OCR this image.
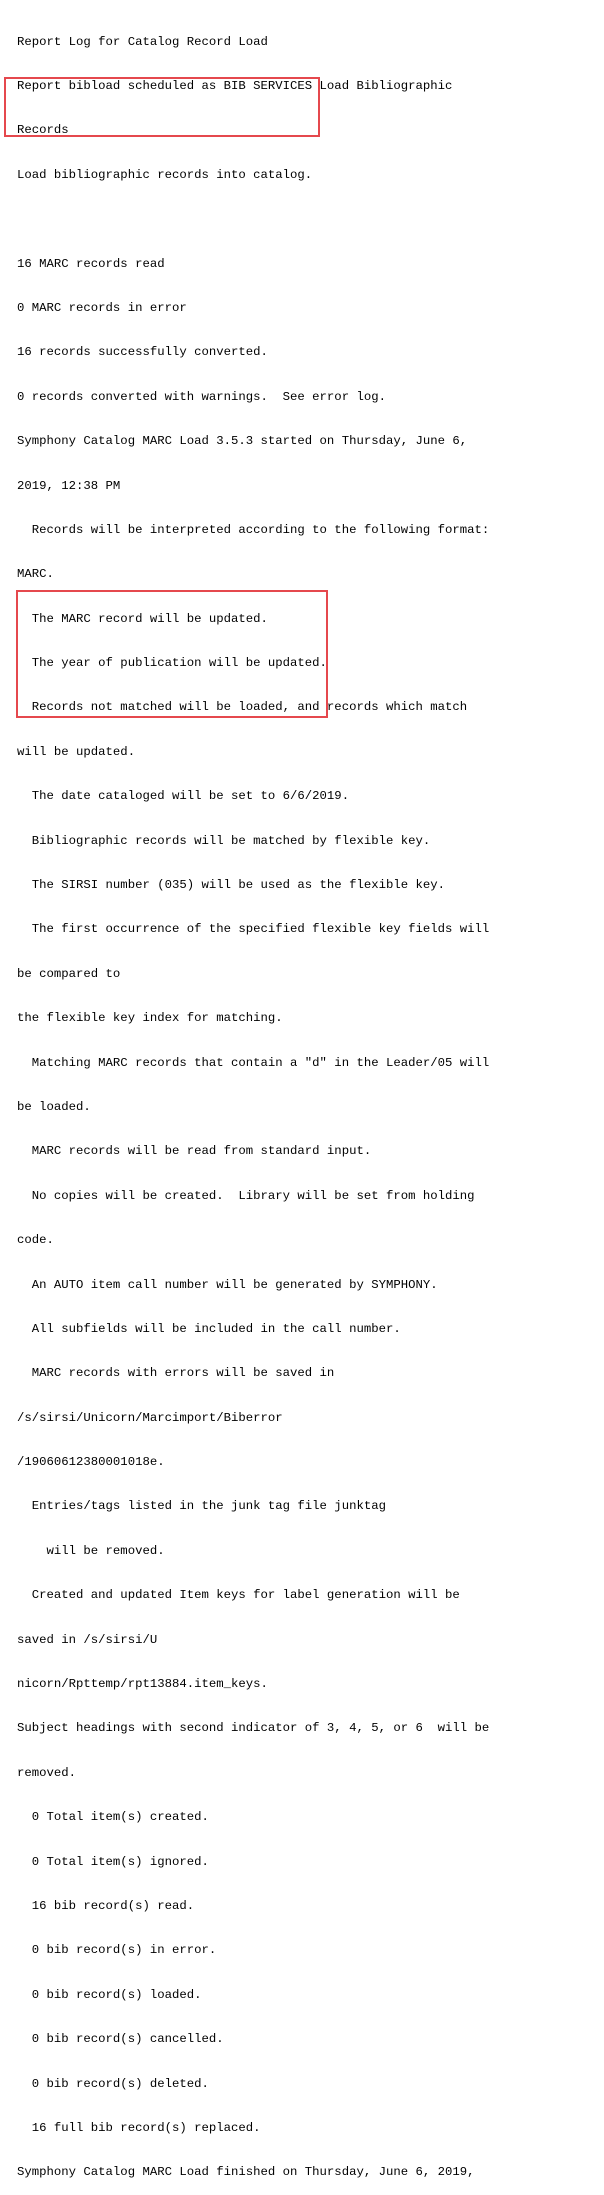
Report Log for Catalog Record Load

Report bibload scheduled as BIB SERVICES Load Bibliographic

Records

Load bibliographic records into catalog.

16 MARC records read

0 MARC records in error

16 records successfully converted.

0 records converted with warnings.  See error log.

Symphony Catalog MARC Load 3.5.3 started on Thursday, June 6,

2019, 12:38 PM

Records will be interpreted according to the following format:

MARC.

The MARC record will be updated.

The year of publication will be updated.

Records not matched will be loaded, and records which match

will be updated.

The date cataloged will be set to 6/6/2019.

Bibliographic records will be matched by flexible key.

The SIRSI number (035) will be used as the flexible key.

The first occurrence of the specified flexible key fields will

be compared to

the flexible key index for matching.

Matching MARC records that contain a "d" in the Leader/05 will

be loaded.

MARC records will be read from standard input.

No copies will be created.  Library will be set from holding

code.

An AUTO item call number will be generated by SYMPHONY.

All subfields will be included in the call number.

MARC records with errors will be saved in

/s/sirsi/Unicorn/Marcimport/Biberror

/19060612380001018e.

Entries/tags listed in the junk tag file junktag

will be removed.

Created and updated Item keys for label generation will be

saved in /s/sirsi/U

nicorn/Rpttemp/rpt13884.item_keys.

Subject headings with second indicator of 3, 4, 5, or 6  will be

removed.

0 Total item(s) created.

0 Total item(s) ignored.

16 bib record(s) read.

0 bib record(s) in error.

0 bib record(s) loaded.

0 bib record(s) cancelled.

0 bib record(s) deleted.

16 full bib record(s) replaced.

Symphony Catalog MARC Load finished on Thursday, June 6, 2019,
